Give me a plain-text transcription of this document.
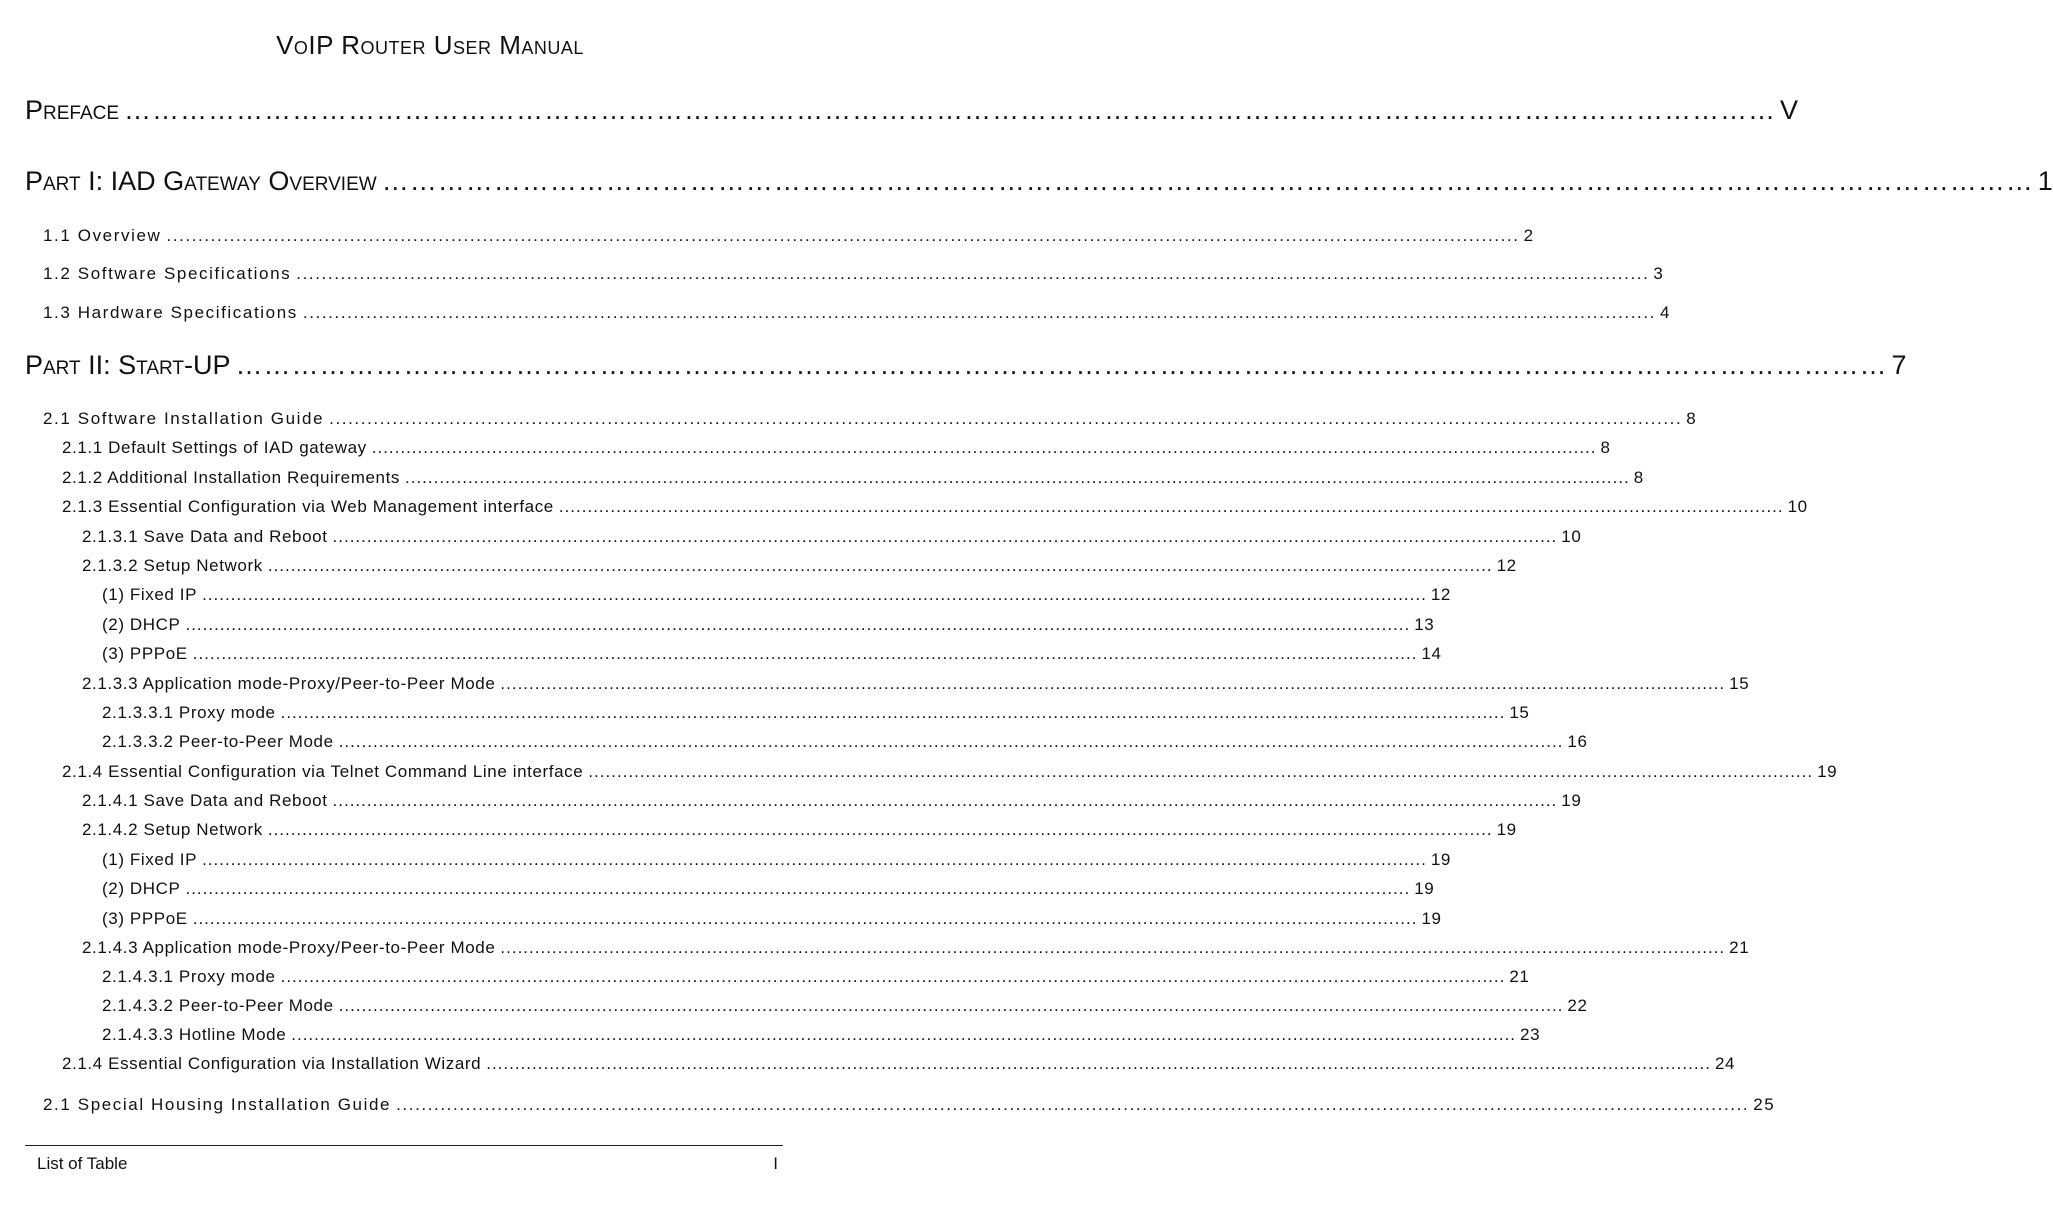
VoIP Router User Manual
Preface …………………………………………………………………………………………………………………………………………………………… V
Part I: IAD Gateway Overview …………………………………………………………………………………………………………………………………………………………… 1
1.1 Overview ...................................................................................................................................................................................................................... 2
1.2 Software Specifications ...................................................................................................................................................................................................................... 3
1.3 Hardware Specifications ...................................................................................................................................................................................................................... 4
Part II: Start-UP …………………………………………………………………………………………………………………………………………………………… 7
2.1 Software Installation Guide ...................................................................................................................................................................................................................... 8
2.1.1 Default Settings of IAD gateway ...................................................................................................................................................................................................................... 8
2.1.2 Additional Installation Requirements ...................................................................................................................................................................................................................... 8
2.1.3 Essential Configuration via Web Management interface ...................................................................................................................................................................................................................... 10
2.1.3.1 Save Data and Reboot ...................................................................................................................................................................................................................... 10
2.1.3.2 Setup Network ...................................................................................................................................................................................................................... 12
(1) Fixed IP ...................................................................................................................................................................................................................... 12
(2) DHCP ...................................................................................................................................................................................................................... 13
(3) PPPoE ...................................................................................................................................................................................................................... 14
2.1.3.3 Application mode-Proxy/Peer-to-Peer Mode ...................................................................................................................................................................................................................... 15
2.1.3.3.1 Proxy mode ...................................................................................................................................................................................................................... 15
2.1.3.3.2 Peer-to-Peer Mode ...................................................................................................................................................................................................................... 16
2.1.4 Essential Configuration via Telnet Command Line interface ...................................................................................................................................................................................................................... 19
2.1.4.1 Save Data and Reboot ...................................................................................................................................................................................................................... 19
2.1.4.2 Setup Network ...................................................................................................................................................................................................................... 19
(1) Fixed IP ...................................................................................................................................................................................................................... 19
(2) DHCP ...................................................................................................................................................................................................................... 19
(3) PPPoE ...................................................................................................................................................................................................................... 19
2.1.4.3 Application mode-Proxy/Peer-to-Peer Mode ...................................................................................................................................................................................................................... 21
2.1.4.3.1 Proxy mode ...................................................................................................................................................................................................................... 21
2.1.4.3.2 Peer-to-Peer Mode ...................................................................................................................................................................................................................... 22
2.1.4.3.3 Hotline Mode ...................................................................................................................................................................................................................... 23
2.1.4 Essential Configuration via Installation Wizard ...................................................................................................................................................................................................................... 24
2.1 Special Housing Installation Guide ...................................................................................................................................................................................................................... 25
List of Table	I
